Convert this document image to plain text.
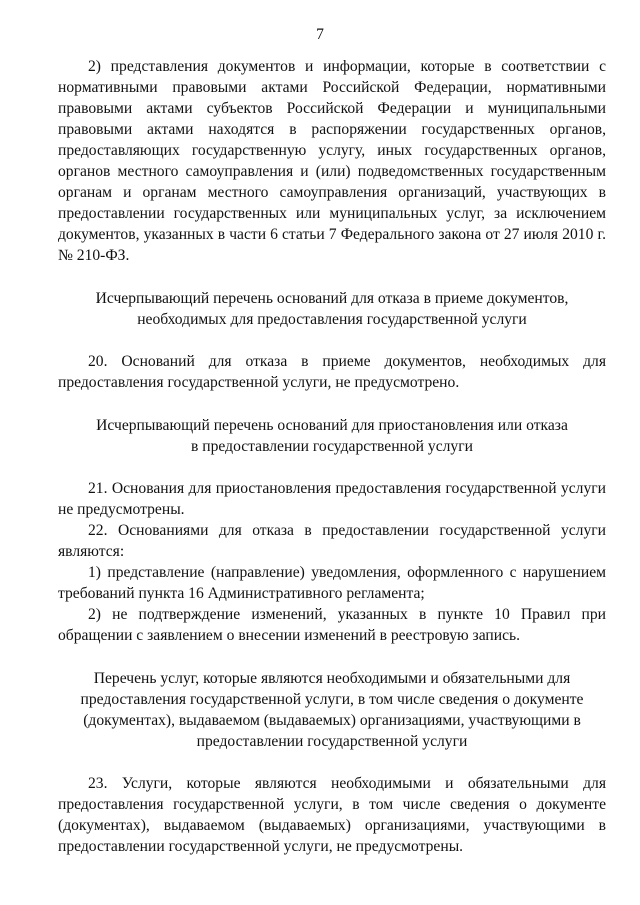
7

2) представления документов и информации, которые в соответствии с нормативными правовыми актами Российской Федерации, нормативными правовыми актами субъектов Российской Федерации и муниципальными правовыми актами находятся в распоряжении государственных органов, предоставляющих государственную услугу, иных государственных органов, органов местного самоуправления и (или) подведомственных государственным органам и органам местного самоуправления организаций, участвующих в предоставлении государственных или муниципальных услуг, за исключением документов, указанных в части 6 статьи 7 Федерального закона от 27 июля 2010 г. № 210-ФЗ.

Исчерпывающий перечень оснований для отказа в приеме документов, необходимых для предоставления государственной услуги

20. Оснований для отказа в приеме документов, необходимых для предоставления государственной услуги, не предусмотрено.

Исчерпывающий перечень оснований для приостановления или отказа в предоставлении государственной услуги

21. Основания для приостановления предоставления государственной услуги не предусмотрены.

22. Основаниями для отказа в предоставлении государственной услуги являются:

1) представление (направление) уведомления, оформленного с нарушением требований пункта 16 Административного регламента;

2) не подтверждение изменений, указанных в пункте 10 Правил при обращении с заявлением о внесении изменений в реестровую запись.

Перечень услуг, которые являются необходимыми и обязательными для предоставления государственной услуги, в том числе сведения о документе (документах), выдаваемом (выдаваемых) организациями, участвующими в предоставлении государственной услуги

23. Услуги, которые являются необходимыми и обязательными для предоставления государственной услуги, в том числе сведения о документе (документах), выдаваемом (выдаваемых) организациями, участвующими в предоставлении государственной услуги, не предусмотрены.
